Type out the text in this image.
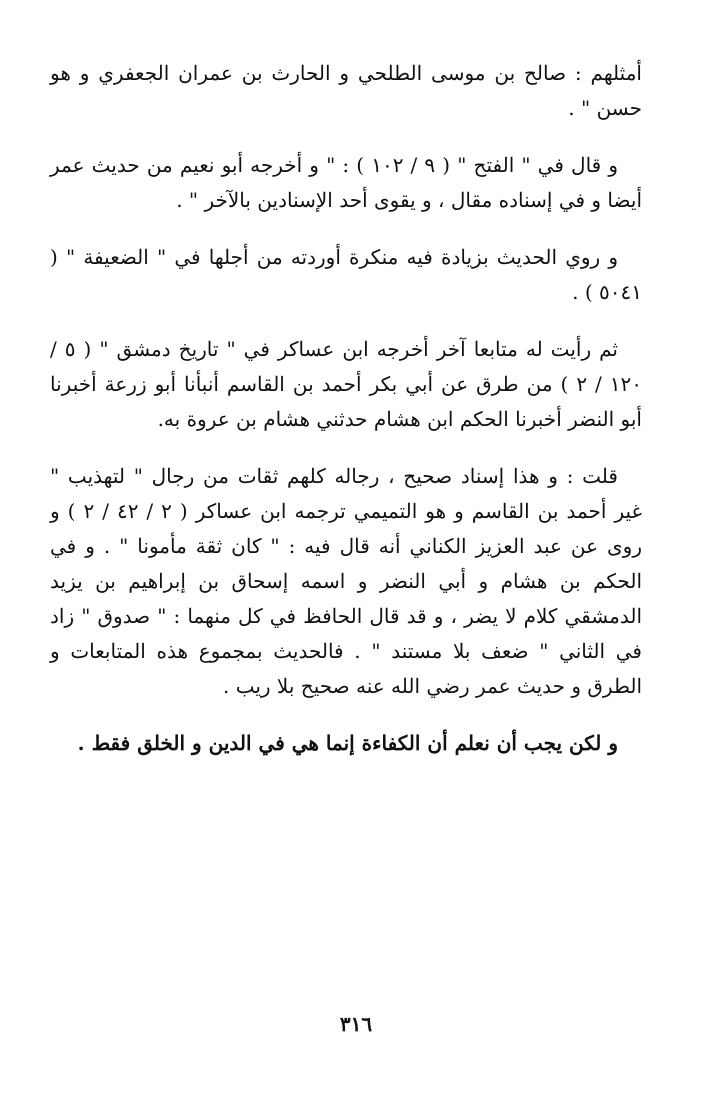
أمثلهم : صالح بن موسى الطلحي و الحارث بن عمران الجعفري و هو حسن " .

و قال في " الفتح " ( ٩ / ١٠٢ ) : " و أخرجه أبو نعيم من حديث عمر أيضا و في إسناده مقال ، و يقوى أحد الإسنادين بالآخر " .

و روي الحديث بزيادة فيه منكرة أوردته من أجلها في " الضعيفة " ( ٥٠٤١ ) .

ثم رأيت له متابعا آخر أخرجه ابن عساكر في " تاريخ دمشق " ( ٥ / ١٢٠ / ٢ ) من طرق عن أبي بكر أحمد بن القاسم أنبأنا أبو زرعة أخبرنا أبو النضر أخبرنا الحكم ابن هشام حدثني هشام بن عروة به.

قلت : و هذا إسناد صحيح ، رجاله كلهم ثقات من رجال " لتهذيب " غير أحمد بن القاسم و هو التميمي ترجمه ابن عساكر ( ٢ / ٤٢ / ٢ ) و روى عن عبد العزيز الكناني أنه قال فيه : " كان ثقة مأمونا " . و في الحكم بن هشام و أبي النضر و اسمه إسحاق بن إبراهيم بن يزيد الدمشقي كلام لا يضر ، و قد قال الحافظ في كل منهما : " صدوق " زاد في الثاني " ضعف بلا مستند " . فالحديث بمجموع هذه المتابعات و الطرق و حديث عمر رضي الله عنه صحيح بلا ريب .

و لكن يجب أن نعلم أن الكفاءة إنما هي في الدين و الخلق فقط .

٣١٦
